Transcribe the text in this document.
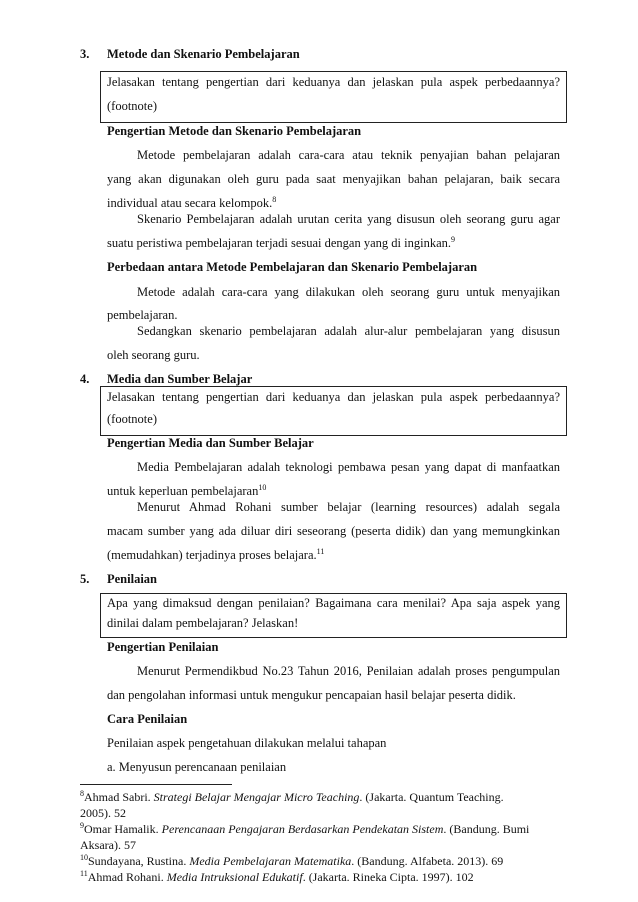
3. Metode dan Skenario Pembelajaran
Jelasakan tentang pengertian dari keduanya dan jelaskan pula aspek perbedaannya?
(footnote)
Pengertian Metode dan Skenario Pembelajaran
Metode pembelajaran adalah cara-cara atau teknik penyajian bahan pelajaran
yang akan digunakan oleh guru pada saat menyajikan bahan pelajaran, baik secara
individual atau secara kelompok.$^8$
Skenario Pembelajaran adalah urutan cerita yang disusun oleh seorang guru agar
suatu peristiwa pembelajaran terjadi sesuai dengan yang di inginkan.$^9$
Perbedaan antara Metode Pembelajaran dan Skenario Pembelajaran
Metode adalah cara-cara yang dilakukan oleh seorang guru untuk menyajikan
pembelajaran.
Sedangkan skenario pembelajaran adalah alur-alur pembelajaran yang disusun
oleh seorang guru.
4. Media dan Sumber Belajar
Jelasakan tentang pengertian dari keduanya dan jelaskan pula aspek perbedaannya?
(footnote)
Pengertian Media dan Sumber Belajar
Media Pembelajaran adalah teknologi pembawa pesan yang dapat di manfaatkan
untuk keperluan pembelajaran$^{10}$
Menurut Ahmad Rohani sumber belajar (learning resources) adalah segala
macam sumber yang ada diluar diri seseorang (peserta didik) dan yang memungkinkan
(memudahkan) terjadinya proses belajara.$^{11}$
5. Penilaian
Apa yang dimaksud dengan penilaian? Bagaimana cara menilai? Apa saja aspek yang
dinilai dalam pembelajaran? Jelaskan!
Pengertian Penilaian
Menurut Permendikbud No.23 Tahun 2016, Penilaian adalah proses pengumpulan
dan pengolahan informasi untuk mengukur pencapaian hasil belajar peserta didik.
Cara Penilaian
Penilaian aspek pengetahuan dilakukan melalui tahapan
a. Menyusun perencanaan penilaian
$^8$Ahmad Sabri. Strategi Belajar Mengajar Micro Teaching. (Jakarta. Quantum Teaching.
2005). 52
$^9$Omar Hamalik. Perencanaan Pengajaran Berdasarkan Pendekatan Sistem. (Bandung. Bumi
Aksara). 57
$^{10}$Sundayana, Rustina. Media Pembelajaran Matematika. (Bandung. Alfabeta. 2013). 69
$^{11}$Ahmad Rohani. Media Intruksional Edukatif. (Jakarta. Rineka Cipta. 1997). 102
